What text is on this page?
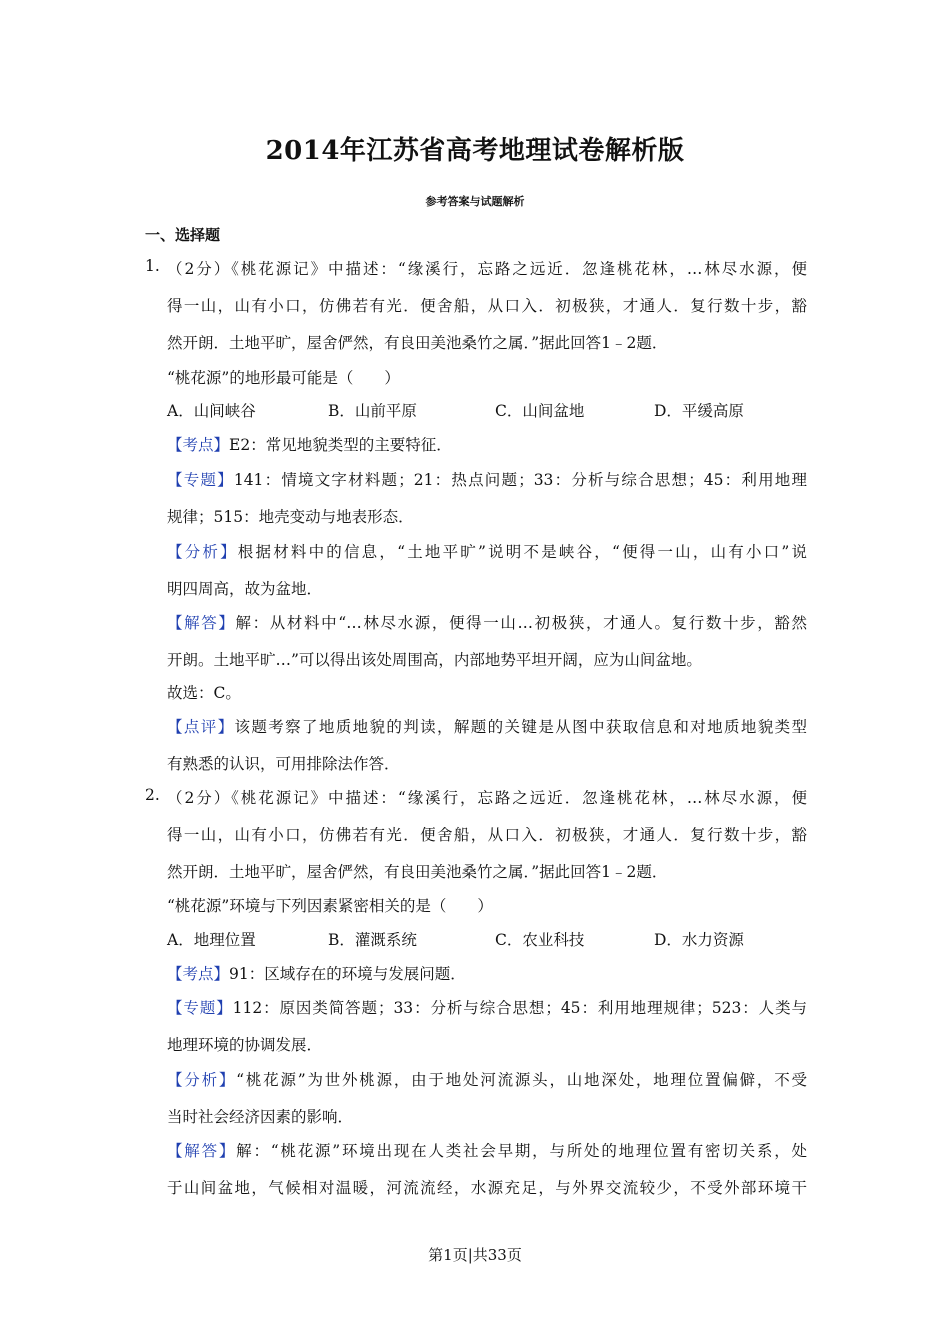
2014年江苏省高考地理试卷解析版
参考答案与试题解析
一、选择题
1. （2分）《桃花源记》中描述：“缘溪行，忘路之远近．忽逢桃花林，…林尽水源，便
得一山，山有小口，仿佛若有光．便舍船，从口入．初极狭，才通人．复行数十步，豁
然开朗．土地平旷，屋舍俨然，有良田美池桑竹之属．”据此回答1﹣2题．
“桃花源”的地形最可能是（　　）
A．山间峡谷	B．山前平原	C．山间盆地	D．平缓高原
【考点】E2：常见地貌类型的主要特征．
【专题】141：情境文字材料题；21：热点问题；33：分析与综合思想；45：利用地理
规律；515：地壳变动与地表形态．
【分析】根据材料中的信息，“土地平旷”说明不是峡谷，“便得一山，山有小口”说
明四周高，故为盆地．
【解答】解：从材料中“…林尽水源，便得一山…初极狭，才通人。复行数十步，豁然
开朗。土地平旷…”可以得出该处周围高，内部地势平坦开阔，应为山间盆地。
故选：C。
【点评】该题考察了地质地貌的判读，解题的关键是从图中获取信息和对地质地貌类型
有熟悉的认识，可用排除法作答．
2. （2分）《桃花源记》中描述：“缘溪行，忘路之远近．忽逢桃花林，…林尽水源，便
得一山，山有小口，仿佛若有光．便舍船，从口入．初极狭，才通人．复行数十步，豁
然开朗．土地平旷，屋舍俨然，有良田美池桑竹之属．”据此回答1﹣2题．
“桃花源”环境与下列因素紧密相关的是（　　）
A．地理位置	B．灌溉系统	C．农业科技	D．水力资源
【考点】91：区域存在的环境与发展问题．
【专题】112：原因类简答题；33：分析与综合思想；45：利用地理规律；523：人类与
地理环境的协调发展．
【分析】“桃花源”为世外桃源，由于地处河流源头，山地深处，地理位置偏僻，不受
当时社会经济因素的影响．
【解答】解：“桃花源”环境出现在人类社会早期，与所处的地理位置有密切关系，处
于山间盆地，气候相对温暖，河流流经，水源充足，与外界交流较少，不受外部环境干
第1页|共33页
